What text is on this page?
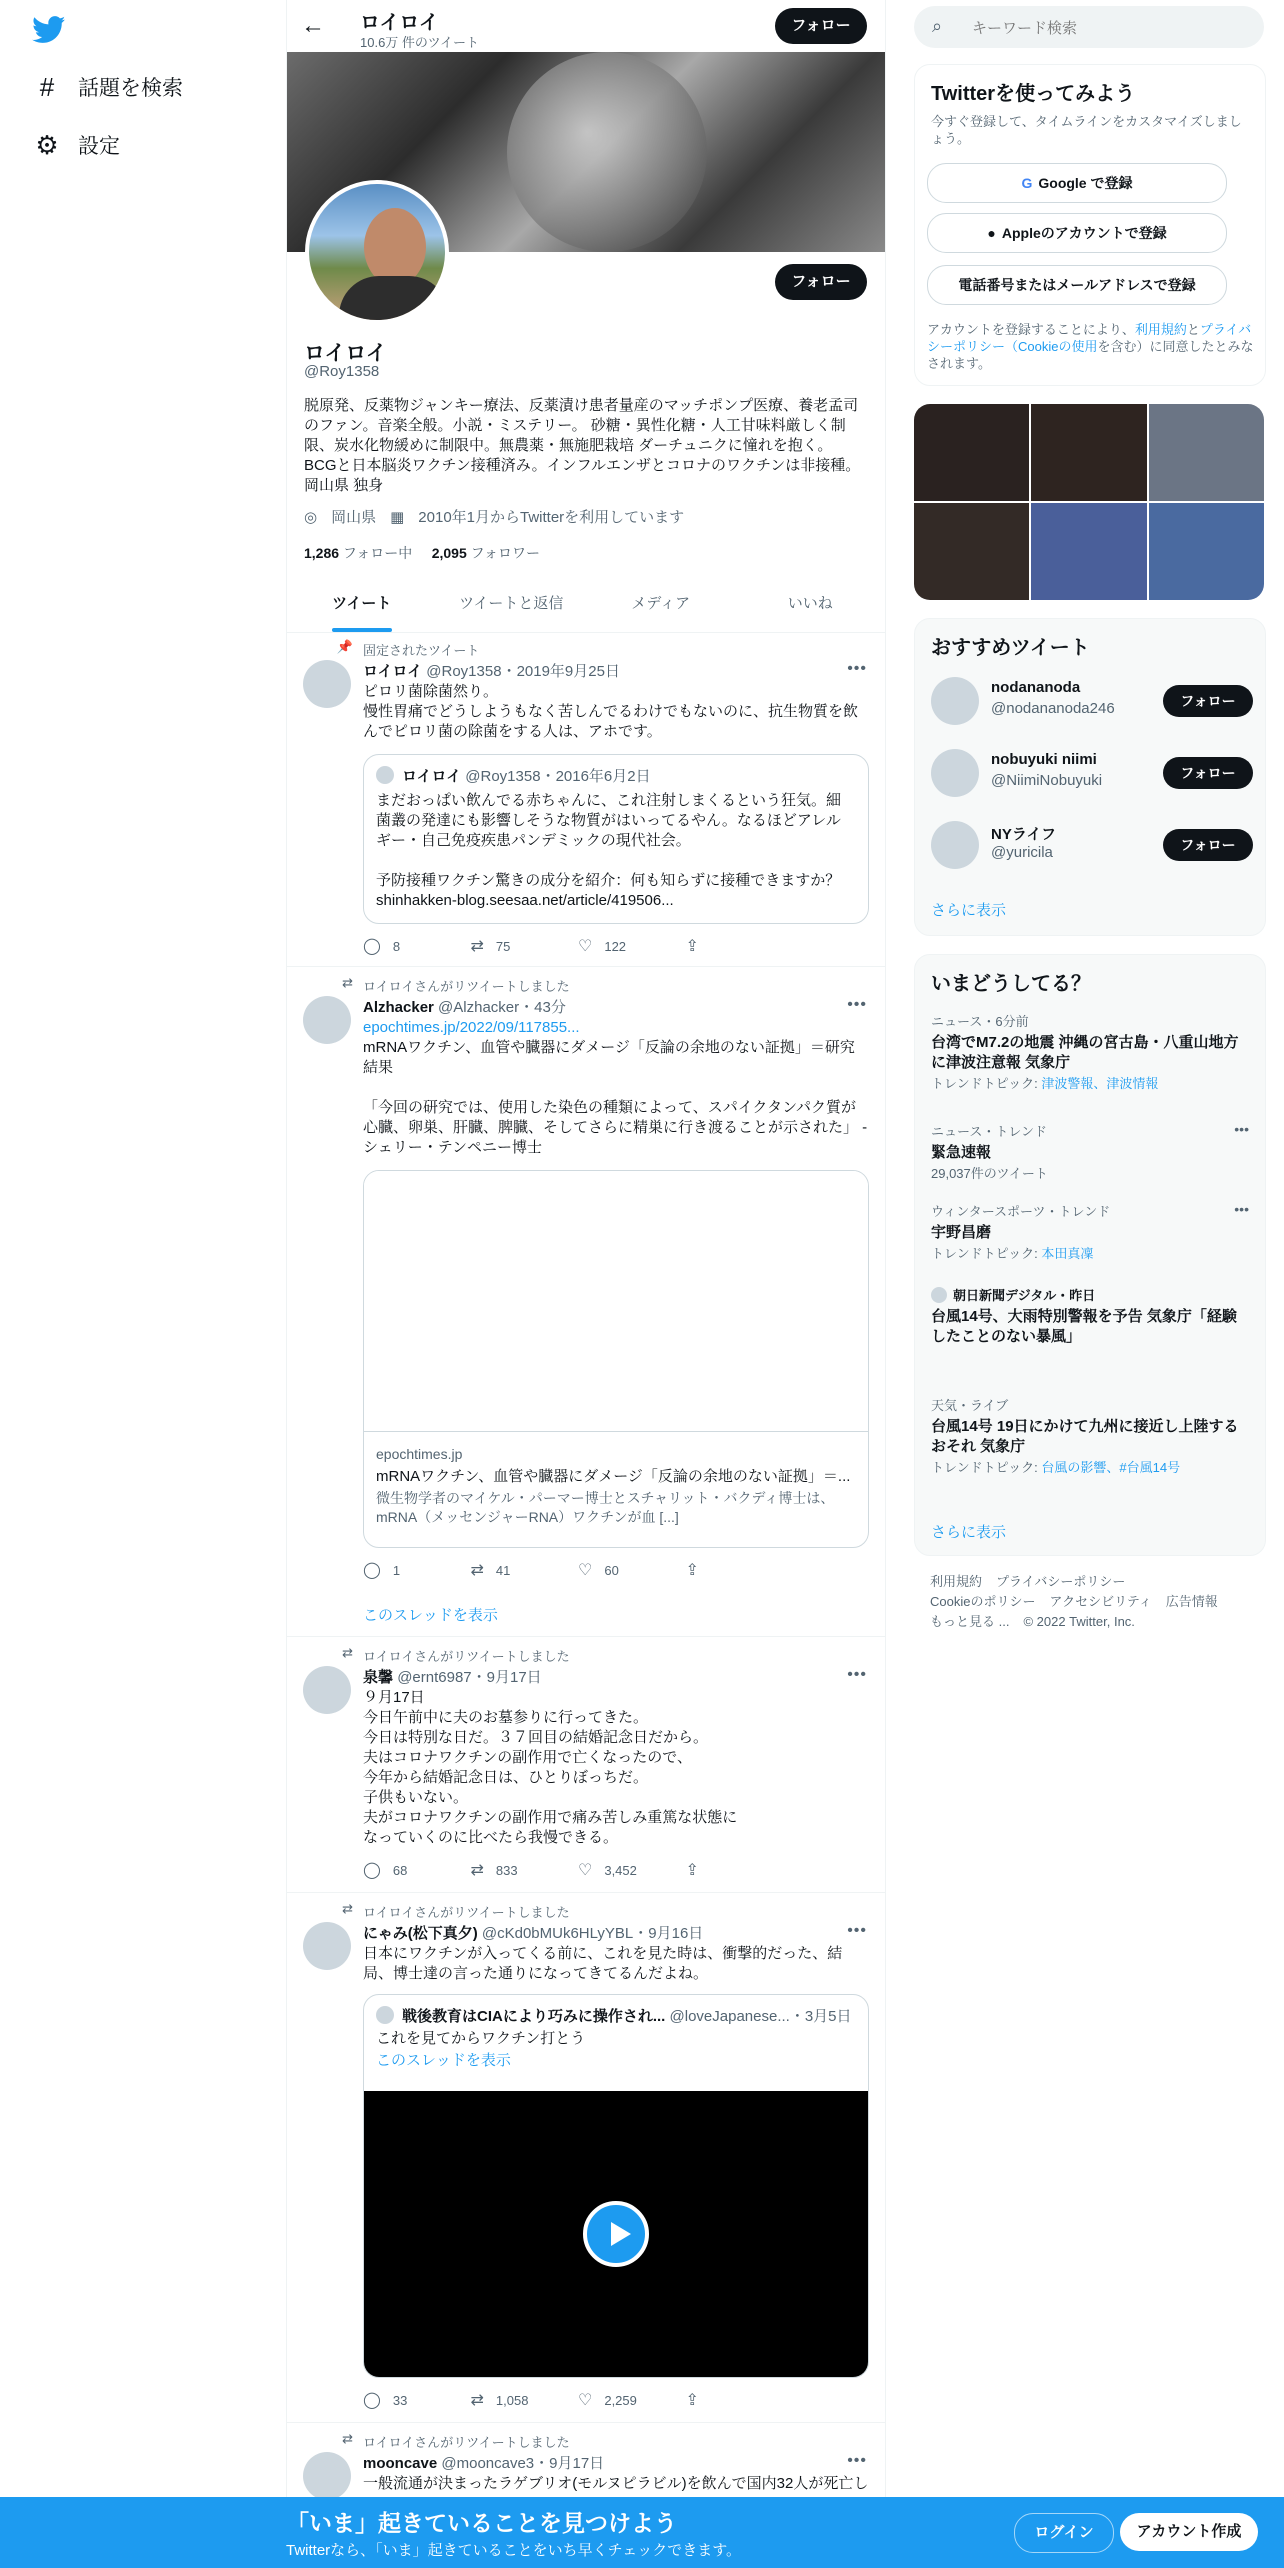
# 話題を検索
⚙ 設定
← ロイロイ
10.6万 件のツイート
フォロー
フォロー
ロイロイ
@Roy1358
脱原発、反薬物ジャンキー療法、反薬漬け患者量産のマッチポンプ医療、養老孟司のファン。音楽全般。小説・ミステリー。 砂糖・異性化糖・人工甘味料厳しく制限、炭水化物緩めに制限中。無農薬・無施肥栽培 ダーチュニクに憧れを抱く。
BCGと日本脳炎ワクチン接種済み。インフルエンザとコロナのワクチンは非接種。
岡山県 独身
◎ 岡山県 ▦ 2010年1月からTwitterを利用しています
1,286 フォロー中 2,095 フォロワー
ツイート	ツイートと返信	メディア	いいね
📌 固定されたツイート
ロイロイ @Roy1358・2019年9月25日	•••
ピロリ菌除菌然り。
慢性胃痛でどうしようもなく苦しんでるわけでもないのに、抗生物質を飲んでピロリ菌の除菌をする人は、アホです。
ロイロイ @Roy1358・2016年6月2日
まだおっぱい飲んでる赤ちゃんに、これ注射しまくるという狂気。細菌叢の発達にも影響しそうな物質がはいってるやん。なるほどアレルギー・自己免疫疾患パンデミックの現代社会。

予防接種ワクチン驚きの成分を紹介：何も知らずに接種できますか？ shinhakken-blog.seesaa.net/article/419506...
◯ 8	⇄ 75	♡ 122	⇪
⇄ ロイロイさんがリツイートしました
Alzhacker @Alzhacker・43分	•••
epochtimes.jp/2022/09/117855...
mRNAワクチン、血管や臓器にダメージ「反論の余地のない証拠」＝研究結果

「今回の研究では、使用した染色の種類によって、スパイクタンパク質が心臓、卵巣、肝臓、脾臓、そしてさらに精巣に行き渡ることが示された」 - シェリー・テンペニー博士
epochtimes.jp
mRNAワクチン、血管や臓器にダメージ「反論の余地のない証拠」＝...
微生物学者のマイケル・パーマー博士とスチャリット・バクディ博士は、mRNA（メッセンジャーRNA）ワクチンが血 [...]
◯ 1	⇄ 41	♡ 60	⇪
このスレッドを表示
⇄ ロイロイさんがリツイートしました
泉馨 @ernt6987・9月17日	•••
９月17日
今日午前中に夫のお墓参りに行ってきた。
今日は特別な日だ。３７回目の結婚記念日だから。
夫はコロナワクチンの副作用で亡くなったので、
今年から結婚記念日は、ひとりぼっちだ。
子供もいない。
夫がコロナワクチンの副作用で痛み苦しみ重篤な状態に
なっていくのに比べたら我慢できる。
◯ 68	⇄ 833	♡ 3,452	⇪
⇄ ロイロイさんがリツイートしました
にゃみ(松下真夕) @cKd0bMUk6HLyYBL・9月16日	•••
日本にワクチンが入ってくる前に、これを見た時は、衝撃的だった、結局、博士達の言った通りになってきてるんだよね。
戦後教育はCIAにより巧みに操作され... @loveJapanese...・3月5日
これを見てからワクチン打とう
このスレッドを表示
◯ 33	⇄ 1,058	♡ 2,259	⇪
⇄ ロイロイさんがリツイートしました
mooncave @mooncave3・9月17日	•••
一般流通が決まったラゲブリオ(モルヌピラビル)を飲んで国内32人が死亡し
⌕
キーワード検索
Twitterを使ってみよう
今すぐ登録して、タイムラインをカスタマイズしましょう。
G Google で登録
● Appleのアカウントで登録
電話番号またはメールアドレスで登録
アカウントを登録することにより、利用規約とプライバシーポリシー（Cookieの使用を含む）に同意したとみなされます。
おすすめツイート
nodananoda
@nodananoda246	フォロー
nobuyuki niimi
@NiimiNobuyuki	フォロー
NYライフ
@yuricila	フォロー
さらに表示
いまどうしてる？
ニュース・6分前
台湾でM7.2の地震 沖縄の宮古島・八重山地方に津波注意報 気象庁
トレンドトピック: 津波警報、津波情報
•••
ニュース・トレンド
緊急速報
29,037件のツイート
•••
ウィンタースポーツ・トレンド
宇野昌磨
トレンドトピック: 本田真凜
朝日新聞デジタル・昨日
台風14号、大雨特別警報を予告 気象庁「経験したことのない暴風」
天気・ライブ
台風14号 19日にかけて九州に接近し上陸するおそれ 気象庁
トレンドトピック: 台風の影響、#台風14号
さらに表示
利用規約 プライバシーポリシー
Cookieのポリシー アクセシビリティ 広告情報
もっと見る ... © 2022 Twitter, Inc.
「いま」起きていることを見つけよう
Twitterなら、「いま」起きていることをいち早くチェックできます。
ログイン	アカウント作成
